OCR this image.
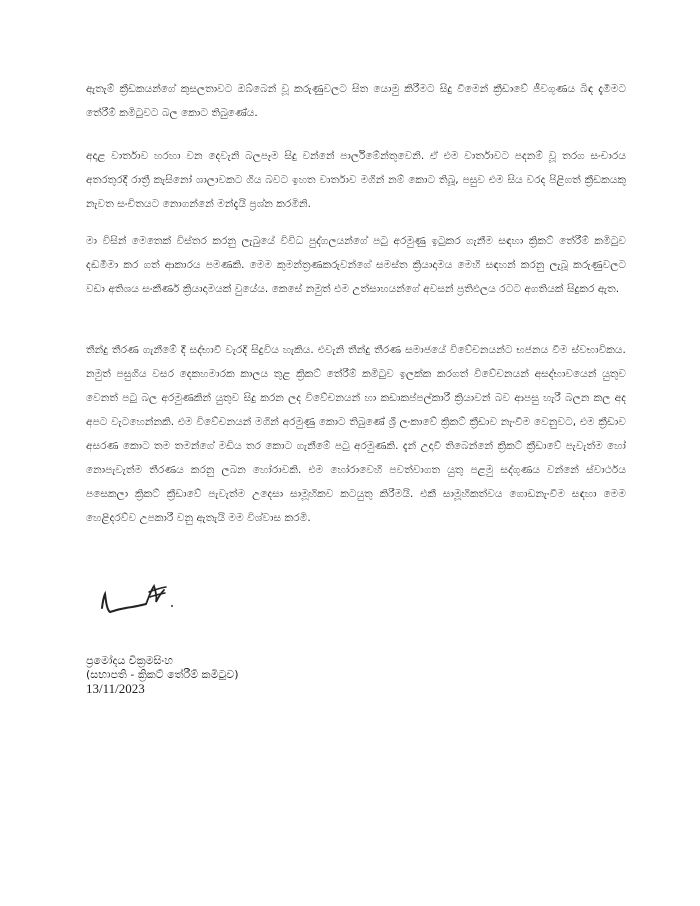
ඇතැම් ක්‍රීඩකයන්ගේ කුසලතාවට ඔබ්බෙන් වූ කරුණුවලට සිත යොමු කිරීමට සිදු වීමෙන් ක්‍රීඩාවේ ජීවගුණය බිඳ දැමීමට තේරීම් කමිටුවට බල කොට තිබුණේය.

අදාළ වාර්තාව හරහා වන දෙවැනි බලපෑම සිදු වන්නේ පාර්ලිමේන්තුවෙනි. ඒ එම වාර්තාවට පදනම් වූ තරග සංචාරය අතරතුරදී රාත්‍රී කැසිනෝ ශාලාවකට ගිය බවට ඉහත වාර්තාව මගින් නම් කොට තිබූ, පසුව එම සිය වරද පිළිගත් ක්‍රීඩකයකු නැවත සංචිතයට නොගන්නේ මන්දැයි ප්‍රශ්න කරමිනි.

මා විසින් මෙතෙක් විස්තර කරනු ලැබුයේ විවිධ පුද්ගලයන්ගේ පටු අරමුණු ඉටුකර ගැනීම සඳහා ක්‍රිකට් තේරීම් කමිටුව දඬමීමා කර ගත් ආකාරය පමණකි. මෙම කුමන්ත්‍රණකරුවන්ගේ සමස්ත ක්‍රියාදාමය මෙහි සඳහන් කරනු ලැබූ කරුණුවලට වඩා අතිශය සංකීර්ණ ක්‍රියාදාමයක් වුයේය. කෙසේ නමුත් එම උත්සාහයන්ගේ අවසන් ප්‍රතිඵලය රටට අගතියක් සිදුකර ඇත.

තීන්දු තීරණ ගැනීමේ දී සද්භාවී වැරදි සිදුවිය හැකිය. එවැනි තීන්දු තීරණ සමාජයේ විවේචනයන්ට භජනය වීම ස්වභාවිකය. නමුත් පසුගිය වසර දෙකහමාරක කාලය තුළ ක්‍රිකට් තේරීම් කමිටුව ඉලක්ක කරගත් විවේචනයන් අසද්භාවයෙන් යුතුව වෙනත් පටු බල අරමුණකින් යුතුව සිදු කරන ලද විවේචනයන් හා කඩාකප්පල්කාරී ක්‍රියාවන් බව ආපසු හැරී බලන කල අද අපට වැටහෙන්නකි. එම විවේචනයන් මගින් අරමුණු කොට තිබුණේ ශ්‍රී ලංකාවේ ක්‍රිකට් ක්‍රීඩාව නැංවීම වෙනුවට, එම ක්‍රීඩාව අසරණ කොට තම තමන්ගේ මඩිය තර කොට ගැනීමේ පටු අරමුණකි. දැන් උදාවී තිබෙන්නේ ක්‍රිකට් ක්‍රීඩාවේ පැවැත්ම හෝ නොපැවැත්ම තීරණය කරනු ලබන හෝරාවකි. එම හෝරාවෙහි පවත්වාගත යුතු පළමු සද්ගුණය වන්නේ ස්වාර්ථය පසෙකලා ක්‍රිකට් ක්‍රීඩාවේ පැවැත්ම උදෙසා සාමූහිකව කටයුතු කිරීමයි. එකී සාමූහිකත්වය ගොඩනැංවීම සඳහා මෙම හෙළිදරව්ව උපකාරී වනු ඇතැයි මම විශ්වාස කරමි.

ප්‍රමෝදය වික්‍රමසිංහ
(සභාපති - ක්‍රිකට් තේරීම් කමිටුව)
13/11/2023
